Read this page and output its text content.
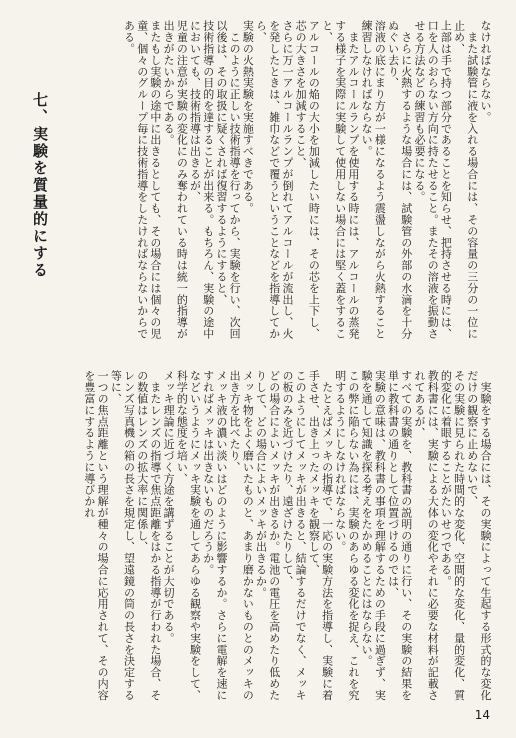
なければならない。
　また試験管に液を入れる場合には、その容量の三分の一位に止め、
上部は手で持つ部分であることを知らせ、把持させる時には、
口を人のおらない方向に持たせること。またその溶液を振動させる方法などの練習も必要になる。
　さらに火熱するような場合には、試験管の外部の水滴を十分ぬぐい去り、
溶液の底にまり方が一様になるよう震盪しながら火熱すること練習しなければならない。
　またアルコールランプを使用する時には、アルコールの蒸発する様子を実際に実験して使用しない場合には堅く蓋をすること、
アルコールの焔の大小を加減したい時には、その芯を上下し、芯の大きさを加減すること、
さらに万一アルコールランプが倒れてアルコールが流出し、火を発したときは、雑巾などで覆うということなどを指導してから、
実験の火熱実験を実施すべきである。
　このように正しい技術指導を行ってから、実験を行い、次回以後は、その取扱に疑くされば復習するようにすると、
技術指導の目的を達することが出来る。もちろん、実験の途中においても、技術指導は出きるが、
児童の注意が実験の変化にのみ奪われている時は統一的指導が出きがたいからである。
またもし実験の途中に出きるとしても、その場合には個々の児童、個々のグループ毎に技術指導をしたければならないからである。
七、実験を質量的にする
　実験をする場合には、その実験によって生起する形式的な変化だけの観察に止めないで、
その実験に見られた時間的な変化、空間的な変化、量的変化、質的変化に着眼することがたいせつである。
教科書には、実験による大体の変化やそれに必要な材料が記載されてあるが、
すべての実験を、教科書の説明の通りに行い、その実験の結果を単に教科書の通りとして位置づけるのでは、
実験の意味は、教科書の事項を理解するための手段に過ぎず、実験を通して知識を探る考えをたかめることにはならない。
この弊に陥らない為には、実験のあらゆる変化を捉え、これを究明するようにしなければならない。
　たとえばメッキの指導で、一応の実験方法を指導し、実験に着手させ、出き上ったメッキを観察して、
このようにしてメッキが出きると、結論するだけでなく、メッキの板のみを近づけたり、遠ざけたりして、
どの場合によいメッキが出きるか。電池の電圧を高めたり低めたりして、どの場合によいメッキが出きるか。
メッキ物をよく磨いたものと、あまり磨かないものとのメッキの出き方を比べたり、
メッキ液の濃い淡いはどのように影響するか。さらに電解を速にすればメッキは出きないものだろうか。
などいうようにメッキ実験を通してあらゆる観察や実験をして、科学的な態度を培い、
メッキ理論に近づく方途を講ずることが大切である。
　またレンズの指導で焦点距離をはかる指導が行われた場合、その数値はレンズの拡大率に関係し、
レンズ写真機の箱の長さを規定し、望遠鏡の筒の長さを決定する等に、
一つの焦点距離という理解が種々の場合に応用されて、その内容を豊富にするように導びかれ
14
